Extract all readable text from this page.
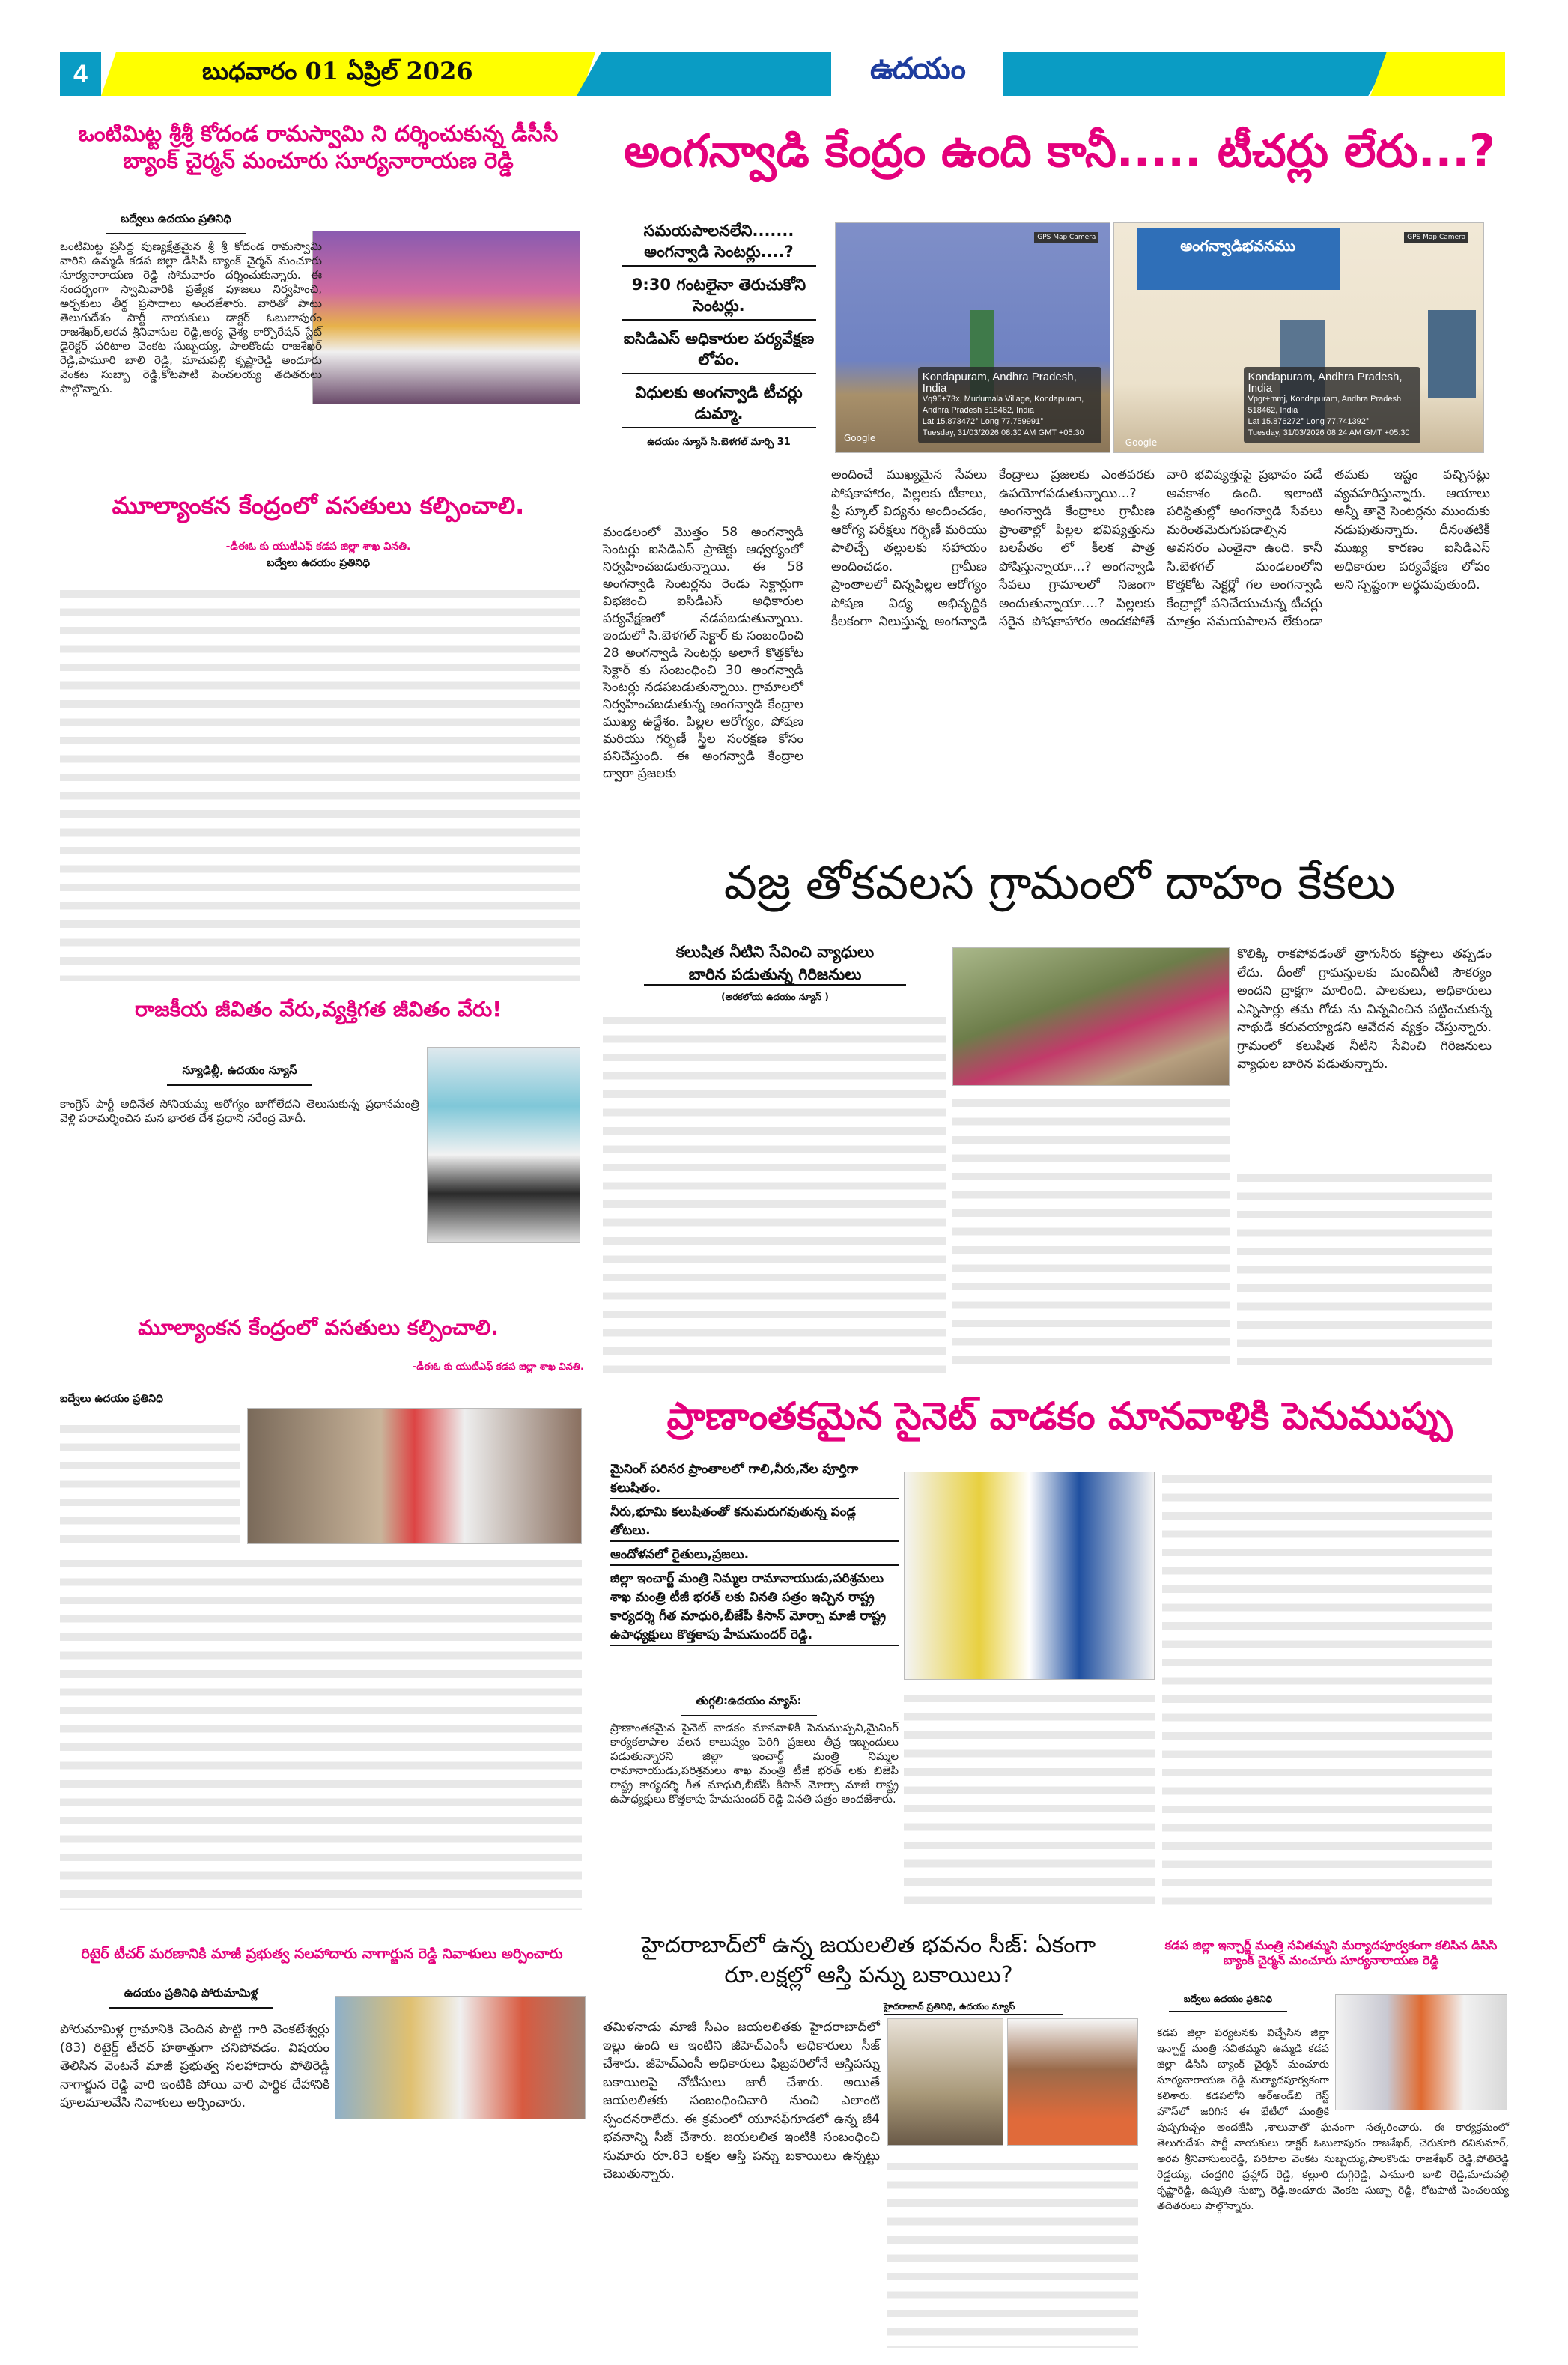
4	బుధవారం 01 ఏప్రిల్ 2026	ఉదయం
ఒంటిమిట్ట శ్రీశ్రీ కోదండ రామస్వామి ని దర్శించుకున్న డీసీసీ బ్యాంక్ చైర్మన్ మంచూరు సూర్యనారాయణ రెడ్డి
బద్వేలు ఉదయం ప్రతినిధి
ఒంటిమిట్ట ప్రసిద్ధ పుణ్యక్షేత్రమైన శ్రీ శ్రీ కోదండ రామస్వామి వారిని ఉమ్మడి కడప జిల్లా డీసీసీ బ్యాంక్ చైర్మన్ మంచూరు సూర్యనారాయణ రెడ్డి సోమవారం దర్శించుకున్నారు. ఈ సందర్భంగా స్వామివారికి ప్రత్యేక పూజలు నిర్వహించి, అర్చకులు తీర్థ ప్రసాదాలు అందజేశారు. వారితో పాటు తెలుగుదేశం పార్టీ నాయకులు డాక్టర్ ఓబులాపురం రాజశేఖర్,అరవ శ్రీనివాసుల రెడ్డి,ఆర్య వైశ్య కార్పొరేషన్ స్టేట్ డైరెక్టర్ పరిటాల వెంకట సుబ్బయ్య, పాలకొండు రాజశేఖర్ రెడ్డి,పామూరి బాలి రెడ్డి, మాచుపల్లి కృష్ణారెడ్డి అందూరు వెంకట సుబ్బా రెడ్డి,కోటపాటి పెంచలయ్య తదితరులు పాల్గొన్నారు.
మూల్యాంకన కేంద్రంలో వసతులు కల్పించాలి.
-డీఈఓ కు యుటీఎఫ్ కడప జిల్లా శాఖ వినతి.
బద్వేలు ఉదయం ప్రతినిధి
రాజకీయ జీవితం వేరు,వ్యక్తిగత జీవితం వేరు!
న్యూఢిల్లీ, ఉదయం న్యూస్
కాంగ్రెస్ పార్టీ అధినేత సోనియమ్మ ఆరోగ్యం బాగోలేదని తెలుసుకున్న ప్రధానమంత్రి వెళ్లి పరామర్శించిన మన భారత దేశ ప్రధాని నరేంద్ర మోదీ.
మూల్యాంకన కేంద్రంలో వసతులు కల్పించాలి.
-డీఈఓ కు యుటీఎఫ్ కడప జిల్లా శాఖ వినతి.
బద్వేలు ఉదయం ప్రతినిధి
రిటైర్ టీచర్ మరణానికి మాజీ ప్రభుత్వ సలహాదారు నాగార్జున రెడ్డి నివాళులు అర్పించారు
ఉదయం ప్రతినిధి పోరుమామిళ్ల
పోరుమామిళ్ల గ్రామానికి చెందిన పొట్టి గారి వెంకటేశ్వర్లు (83) రిటైర్డ్ టీచర్ హఠాత్తుగా చనిపోవడం. విషయం తెలిసిన వెంటనే మాజీ ప్రభుత్వ సలహాదారు పోతిరెడ్డి నాగార్జున రెడ్డి వారి ఇంటికి పోయి వారి పార్థిక దేహానికి పూలమాలవేసి నివాళులు అర్పించారు.
అంగన్వాడి కేంద్రం ఉంది కానీ..... టీచర్లు లేరు...?
సమయపాలనలేని....... అంగన్వాడి సెంటర్లు....?
9:30 గంటలైనా తెరుచుకోని సెంటర్లు.
ఐసిడిఎస్ అధికారుల పర్యవేక్షణ లోపం.
విధులకు అంగన్వాడి టీచర్లు డుమ్మా.
ఉదయం న్యూస్ సి.బెళగల్ మార్చి 31
Kondapuram, Andhra Pradesh, India
Vq95+73x, Mudumala Village, Kondapuram, Andhra Pradesh 518462, India
Lat 15.873472° Long 77.759991°
Tuesday, 31/03/2026 08:30 AM GMT +05:30
GPS Map Camera
Google
అంగన్వాడిభవనము
Kondapuram, Andhra Pradesh, India
Vpgr+mmj, Kondapuram, Andhra Pradesh 518462, India
Lat 15.876272° Long 77.741392°
Tuesday, 31/03/2026 08:24 AM GMT +05:30
GPS Map Camera
Google
మండలంలో మొత్తం 58 అంగన్వాడి సెంటర్లు ఐసిడిఎస్ ప్రాజెక్టు ఆధ్వర్యంలో నిర్వహించబడుతున్నాయి. ఈ 58 అంగన్వాడి సెంటర్లను రెండు సెక్టార్లుగా విభజించి ఐసిడిఎస్ అధికారుల పర్యవేక్షణలో నడపబడుతున్నాయి. ఇందులో సి.బెళగల్ సెక్టార్ కు సంబంధించి 28 అంగన్వాడి సెంటర్లు అలాగే కొత్తకోట సెక్టార్ కు సంబంధించి 30 అంగన్వాడి సెంటర్లు నడపబడుతున్నాయి. గ్రామాలలో నిర్వహించబడుతున్న అంగన్వాడి కేంద్రాల ముఖ్య ఉద్దేశం. పిల్లల ఆరోగ్యం, పోషణ మరియు గర్భిణీ స్త్రీల సంరక్షణ కోసం పనిచేస్తుంది. ఈ అంగన్వాడి కేంద్రాల ద్వారా ప్రజలకు
అందించే ముఖ్యమైన సేవలు పోషకాహారం, పిల్లలకు టీకాలు, ప్రీ స్కూల్ విద్యను అందించడం, ఆరోగ్య పరీక్షలు గర్భిణీ మరియు పాలిచ్చే తల్లులకు సహాయం అందించడం. గ్రామీణ ప్రాంతాలలో చిన్నపిల్లల ఆరోగ్యం పోషణ విద్య అభివృద్ధికి కీలకంగా నిలుస్తున్న అంగన్వాడి కేంద్రాలు ప్రజలకు ఎంతవరకు ఉపయోగపడుతున్నాయి...? అంగన్వాడి కేంద్రాలు గ్రామీణ ప్రాంతాల్లో పిల్లల భవిష్యత్తును బలపేతం లో కీలక పాత్ర పోషిస్తున్నాయా...? అంగన్వాడి సేవలు గ్రామాలలో నిజంగా అందుతున్నాయా....? పిల్లలకు సరైన పోషకాహారం అందకపోతే వారి భవిష్యత్తుపై ప్రభావం పడే అవకాశం ఉంది. ఇలాంటి పరిస్థితుల్లో అంగన్వాడి సేవలు మరింతమెరుగుపడాల్సిన అవసరం ఎంతైనా ఉంది. కానీ సి.బెళగల్ మండలంలోని కొత్తకోట సెక్టర్లో గల అంగన్వాడి కేంద్రాల్లో పనిచేయుచున్న టీచర్లు మాత్రం సమయపాలన లేకుండా తమకు ఇష్టం వచ్చినట్లు వ్యవహరిస్తున్నారు. ఆయాలు అన్నీ తానై సెంటర్లను ముందుకు నడుపుతున్నారు. దీనంతటికీ ముఖ్య కారణం ఐసిడిఎస్ అధికారుల పర్యవేక్షణ లోపం అని స్పష్టంగా అర్థమవుతుంది.
వజ్ర తోకవలస గ్రామంలో దాహం కేకలు
కలుషిత నీటిని సేవించి వ్యాధులు
బారిన పడుతున్న గిరిజనులు
(అరకలోయ ఉదయం న్యూస్ )
కొలిక్కి రాకపోవడంతో త్రాగునీరు కష్టాలు తప్పడం లేదు. దీంతో గ్రామస్తులకు మంచినీటి సౌకర్యం అందని ద్రాక్షగా మారింది. పాలకులు, అధికారులు ఎన్నిసార్లు తమ గోడు ను విన్నవించిన పట్టించుకున్న నాథుడే కరువయ్యాడని ఆవేదన వ్యక్తం చేస్తున్నారు. గ్రామంలో కలుషిత నీటిని సేవించి గిరిజనులు వ్యాధుల బారిన పడుతున్నారు.
ప్రాణాంతకమైన సైనెట్ వాడకం మానవాళికి పెనుముప్పు
మైనింగ్ పరిసర ప్రాంతాలలో గాలి,నీరు,నేల పూర్తిగా కలుషితం.
నీరు,భూమి కలుషితంతో కనుమరుగవుతున్న పండ్ల తోటలు.
ఆందోళనలో రైతులు,ప్రజలు.
జిల్లా ఇంచార్జ్ మంత్రి నిమ్మల రామానాయుడు,పరిశ్రమలు శాఖ మంత్రి టీజీ భరత్ లకు వినతి పత్రం ఇచ్చిన రాష్ట్ర కార్యదర్శి గీత మాధురి,బీజేపీ కిసాన్ మోర్చా మాజీ రాష్ట్ర ఉపాధ్యక్షులు కొత్తకాపు హేమసుందర్ రెడ్డి.
తుగ్గలి:ఉదయం న్యూస్:
ప్రాణాంతకమైన సైనెట్ వాడకం మానవాళికి పెనుముప్పని,మైనింగ్ కార్యకలాపాల వలన కాలుష్యం పెరిగి ప్రజలు తీవ్ర ఇబ్బందులు పడుతున్నారని జిల్లా ఇంచార్జ్ మంత్రి నిమ్మల రామానాయుడు,పరిశ్రమలు శాఖ మంత్రి టీజీ భరత్ లకు బిజెపి రాష్ట్ర కార్యదర్శి గీత మాధురి,బీజేపీ కిసాన్ మోర్చా మాజీ రాష్ట్ర ఉపాధ్యక్షులు కొత్తకాపు హేమసుందర్ రెడ్డి వినతి పత్రం అందజేశారు.
హైదరాబాద్‌లో ఉన్న జయలలిత భవనం సీజ్: ఏకంగా రూ.లక్షల్లో ఆస్తి పన్ను బకాయిలు?
హైదరాబాద్ ప్రతినిధి, ఉదయం న్యూస్
తమిళనాడు మాజీ సీఎం జయలలితకు హైదరాబాద్‌లో ఇల్లు ఉంది ఆ ఇంటిని జీహెచ్ఎంసీ అధికారులు సీజ్ చేశారు. జీహెచ్ఎంసీ అధికారులు ఫిబ్రవరిలోనే ఆస్తిపన్ను బకాయిలపై నోటీసులు జారీ చేశారు. అయితే జయలలితకు సంబంధించివారి నుంచి ఎలాంటి స్పందనరాలేదు. ఈ క్రమంలో యూసఫ్‌గూడలో ఉన్న జీ4 భవనాన్ని సీజ్ చేశారు. జయలలిత ఇంటికి సంబంధించి సుమారు రూ.83 లక్షల ఆస్తి పన్ను బకాయిలు ఉన్నట్టు చెబుతున్నారు.
కడప జిల్లా ఇన్చార్జ్ మంత్రి సవితమ్మని మర్యాదపూర్వకంగా కలిసిన డిసిసి బ్యాంక్ చైర్మన్ మంచూరు సూర్యనారాయణ రెడ్డి
బద్వేలు ఉదయం ప్రతినిధి
కడప జిల్లా పర్యటనకు విచ్చేసిన జిల్లా ఇన్చార్జ్ మంత్రి సవితమ్మని ఉమ్మడి కడప జిల్లా డిసిసి బ్యాంక్ చైర్మన్ మంచూరు సూర్యనారాయణ రెడ్డి మర్యాదపూర్వకంగా కలిశారు. కడపలోని ఆర్అండ్‌బి గెస్ట్ హౌస్‌లో జరిగిన ఈ భేటీలో మంత్రికి పుష్పగుచ్ఛం అందజేసి ,శాలువాతో ఘనంగా సత్కరించారు. ఈ కార్యక్రమంలో తెలుగుదేశం పార్టీ నాయకులు డాక్టర్ ఓబులాపురం రాజశేఖర్, చెరుకూరి రవికుమార్, అరవ శ్రీనివాసులురెడ్డి, పరిటాల వెంకట సుబ్బయ్య,పాలకొండు రాజశేఖర్ రెడ్డి,పోతిరెడ్డి రెడ్డయ్య, చంద్రగిరి ప్రహ్లాద్ రెడ్డి, కల్లూరి దుగ్గిరెడ్డి, పామూరి బాలి రెడ్డి,మాచుపల్లి కృష్ణారెడ్డి, ఉప్పుతి సుబ్బా రెడ్డి,అందూరు వెంకట సుబ్బా రెడ్డి, కోటపాటి పెంచలయ్య తదితరులు పాల్గొన్నారు.
